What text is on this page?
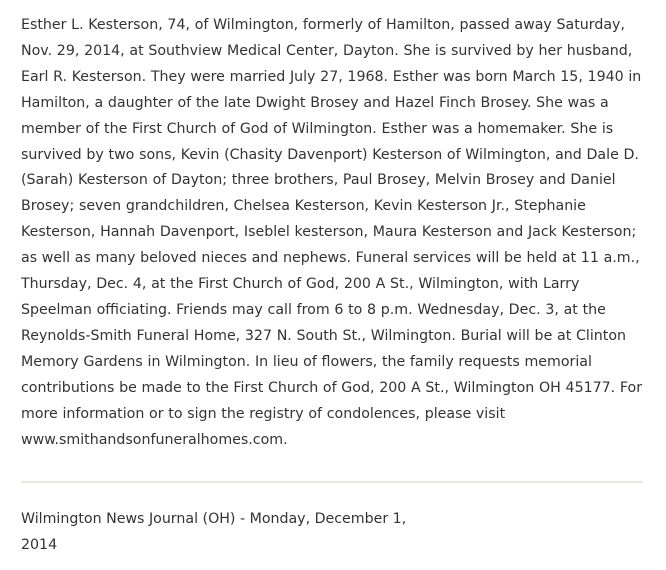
Esther L. Kesterson, 74, of Wilmington, formerly of Hamilton, passed away Saturday, Nov. 29, 2014, at Southview Medical Center, Dayton. She is survived by her husband, Earl R. Kesterson. They were married July 27, 1968. Esther was born March 15, 1940 in Hamilton, a daughter of the late Dwight Brosey and Hazel Finch Brosey. She was a member of the First Church of God of Wilmington. Esther was a homemaker. She is survived by two sons, Kevin (Chasity Davenport) Kesterson of Wilmington, and Dale D. (Sarah) Kesterson of Dayton; three brothers, Paul Brosey, Melvin Brosey and Daniel Brosey; seven grandchildren, Chelsea Kesterson, Kevin Kesterson Jr., Stephanie Kesterson, Hannah Davenport, Iseblel kesterson, Maura Kesterson and Jack Kesterson; as well as many beloved nieces and nephews. Funeral services will be held at 11 a.m., Thursday, Dec. 4, at the First Church of God, 200 A St., Wilmington, with Larry Speelman officiating. Friends may call from 6 to 8 p.m. Wednesday, Dec. 3, at the Reynolds-Smith Funeral Home, 327 N. South St., Wilmington. Burial will be at Clinton Memory Gardens in Wilmington. In lieu of flowers, the family requests memorial contributions be made to the First Church of God, 200 A St., Wilmington OH 45177. For more information or to sign the registry of condolences, please visit www.smithandsonfuneralhomes.com.

Wilmington News Journal (OH) - Monday, December 1, 2014
